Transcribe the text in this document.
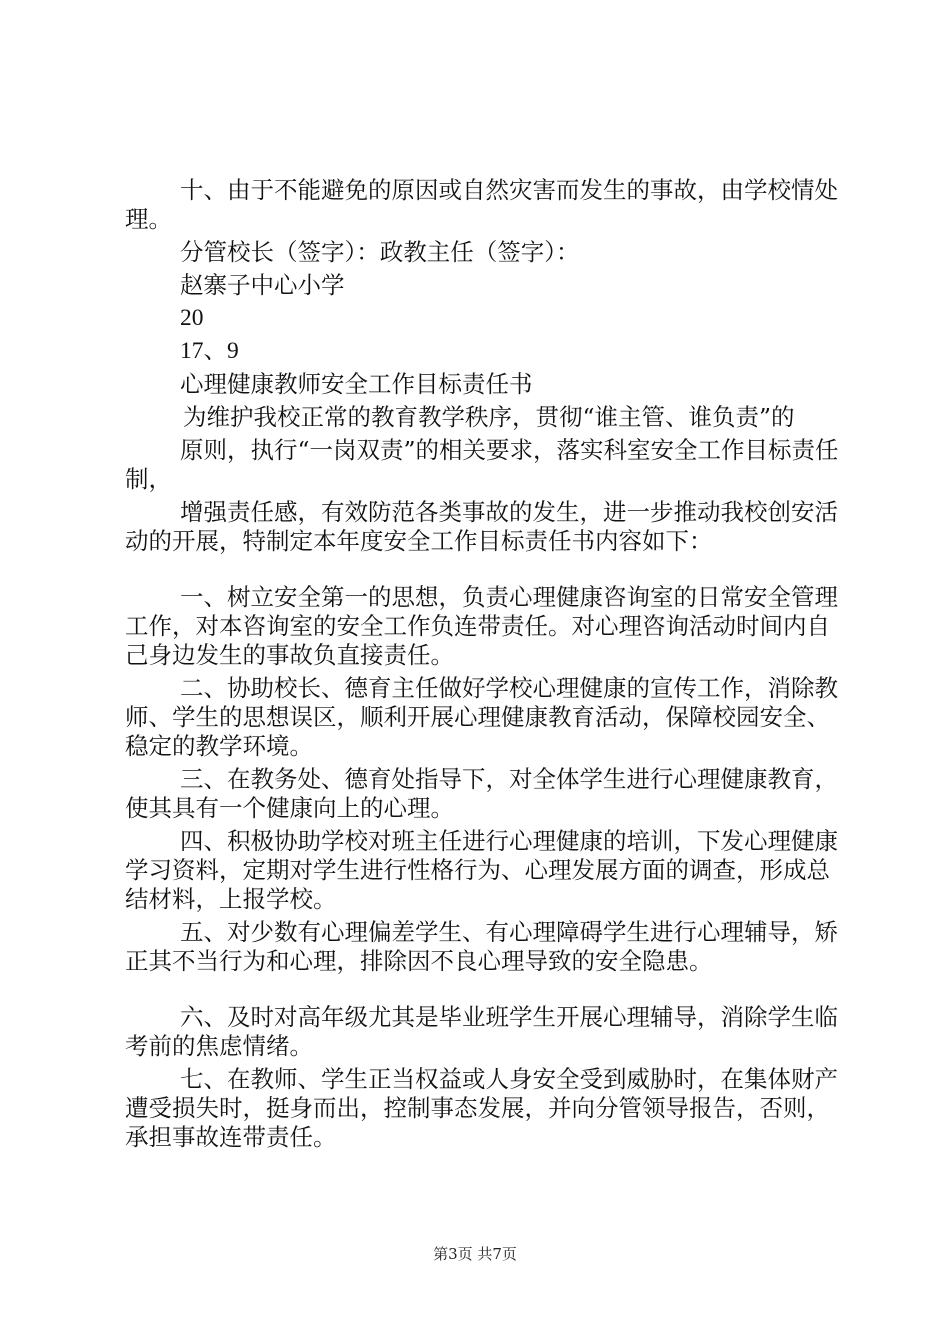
十、由于不能避免的原因或自然灾害而发生的事故，由学校情处理。

分管校长（签字）：政教主任（签字）：

赵寨子中心小学

20

17、9

心理健康教师安全工作目标责任书

为维护我校正常的教育教学秩序，贯彻“谁主管、谁负责”的

原则，执行“一岗双责”的相关要求，落实科室安全工作目标责任制，

增强责任感，有效防范各类事故的发生，进一步推动我校创安活动的开展，特制定本年度安全工作目标责任书内容如下：

一、树立安全第一的思想，负责心理健康咨询室的日常安全管理工作，对本咨询室的安全工作负连带责任。对心理咨询活动时间内自己身边发生的事故负直接责任。

二、协助校长、德育主任做好学校心理健康的宣传工作，消除教师、学生的思想误区，顺利开展心理健康教育活动，保障校园安全、稳定的教学环境。

三、在教务处、德育处指导下，对全体学生进行心理健康教育，使其具有一个健康向上的心理。

四、积极协助学校对班主任进行心理健康的培训，下发心理健康学习资料，定期对学生进行性格行为、心理发展方面的调查，形成总结材料，上报学校。

五、对少数有心理偏差学生、有心理障碍学生进行心理辅导，矫正其不当行为和心理，排除因不良心理导致的安全隐患。

六、及时对高年级尤其是毕业班学生开展心理辅导，消除学生临考前的焦虑情绪。

七、在教师、学生正当权益或人身安全受到威胁时，在集体财产遭受损失时，挺身而出，控制事态发展，并向分管领导报告，否则，承担事故连带责任。

第3页 共7页
